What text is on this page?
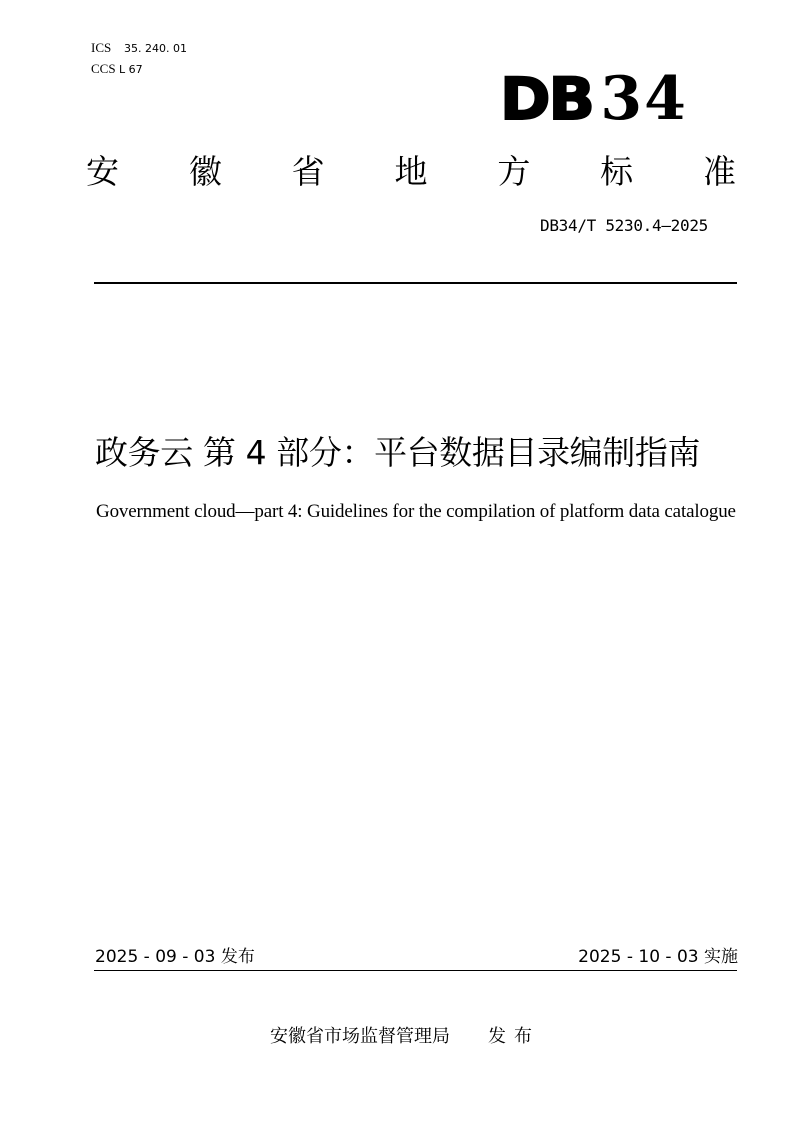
ICS 35. 240. 01
CCS L 67	DB 34
安 徽 省 地 方 标 准
DB34/T 5230.4—2025
政务云 第 4 部分：平台数据目录编制指南
Government cloud—part 4: Guidelines for the compilation of platform data catalogue
2025 - 09 - 03 发布	2025 - 10 - 03 实施
安徽省市场监督管理局 发布
